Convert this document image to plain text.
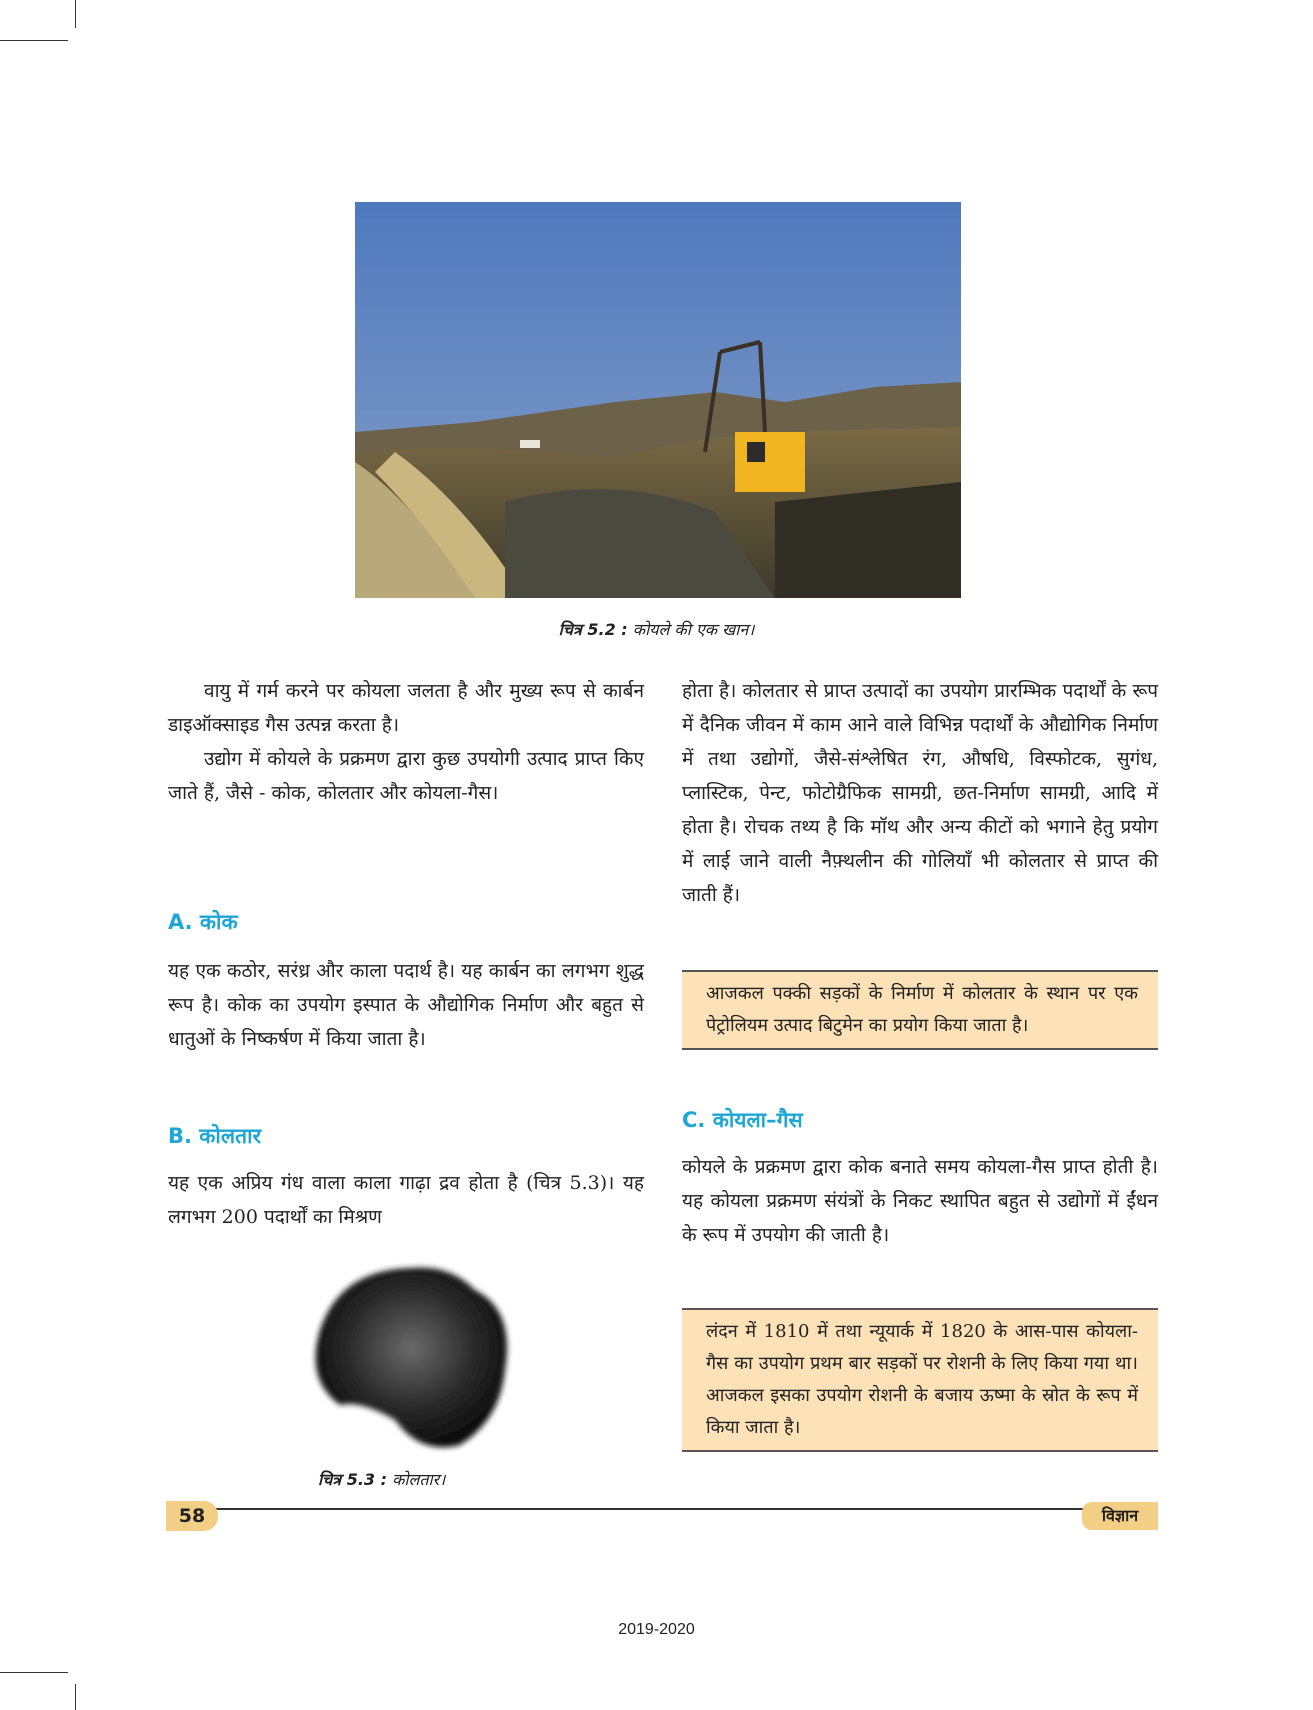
चित्र 5.2 : कोयले की एक खान।

वायु में गर्म करने पर कोयला जलता है और मुख्य रूप से कार्बन डाइऑक्साइड गैस उत्पन्न करता है।

उद्योग में कोयले के प्रक्रमण द्वारा कुछ उपयोगी उत्पाद प्राप्त किए जाते हैं, जैसे - कोक, कोलतार और कोयला-गैस।

A. कोक

यह एक कठोर, सरंध्र और काला पदार्थ है। यह कार्बन का लगभग शुद्ध रूप है। कोक का उपयोग इस्पात के औद्योगिक निर्माण और बहुत से धातुओं के निष्कर्षण में किया जाता है।

B. कोलतार

यह एक अप्रिय गंध वाला काला गाढ़ा द्रव होता है (चित्र 5.3)। यह लगभग 200 पदार्थों का मिश्रण

चित्र 5.3 : कोलतार।

होता है। कोलतार से प्राप्त उत्पादों का उपयोग प्रारम्भिक पदार्थों के रूप में दैनिक जीवन में काम आने वाले विभिन्न पदार्थों के औद्योगिक निर्माण में तथा उद्योगों, जैसे-संश्लेषित रंग, औषधि, विस्फोटक, सुगंध, प्लास्टिक, पेन्ट, फोटोग्रैफिक सामग्री, छत-निर्माण सामग्री, आदि में होता है। रोचक तथ्य है कि मॉथ और अन्य कीटों को भगाने हेतु प्रयोग में लाई जाने वाली नैफ़्थलीन की गोलियाँ भी कोलतार से प्राप्त की जाती हैं।

आजकल पक्की सड़कों के निर्माण में कोलतार के स्थान पर एक पेट्रोलियम उत्पाद बिटुमेन का प्रयोग किया जाता है।
C. कोयला–गैस

कोयले के प्रक्रमण द्वारा कोक बनाते समय कोयला-गैस प्राप्त होती है। यह कोयला प्रक्रमण संयंत्रों के निकट स्थापित बहुत से उद्योगों में ईंधन के रूप में उपयोग की जाती है।

लंदन में 1810 में तथा न्यूयार्क में 1820 के आस-पास कोयला-गैस का उपयोग प्रथम बार सड़कों पर रोशनी के लिए किया गया था। आजकल इसका उपयोग रोशनी के बजाय ऊष्मा के स्रोत के रूप में किया जाता है।
58	विज्ञान
2019-2020
